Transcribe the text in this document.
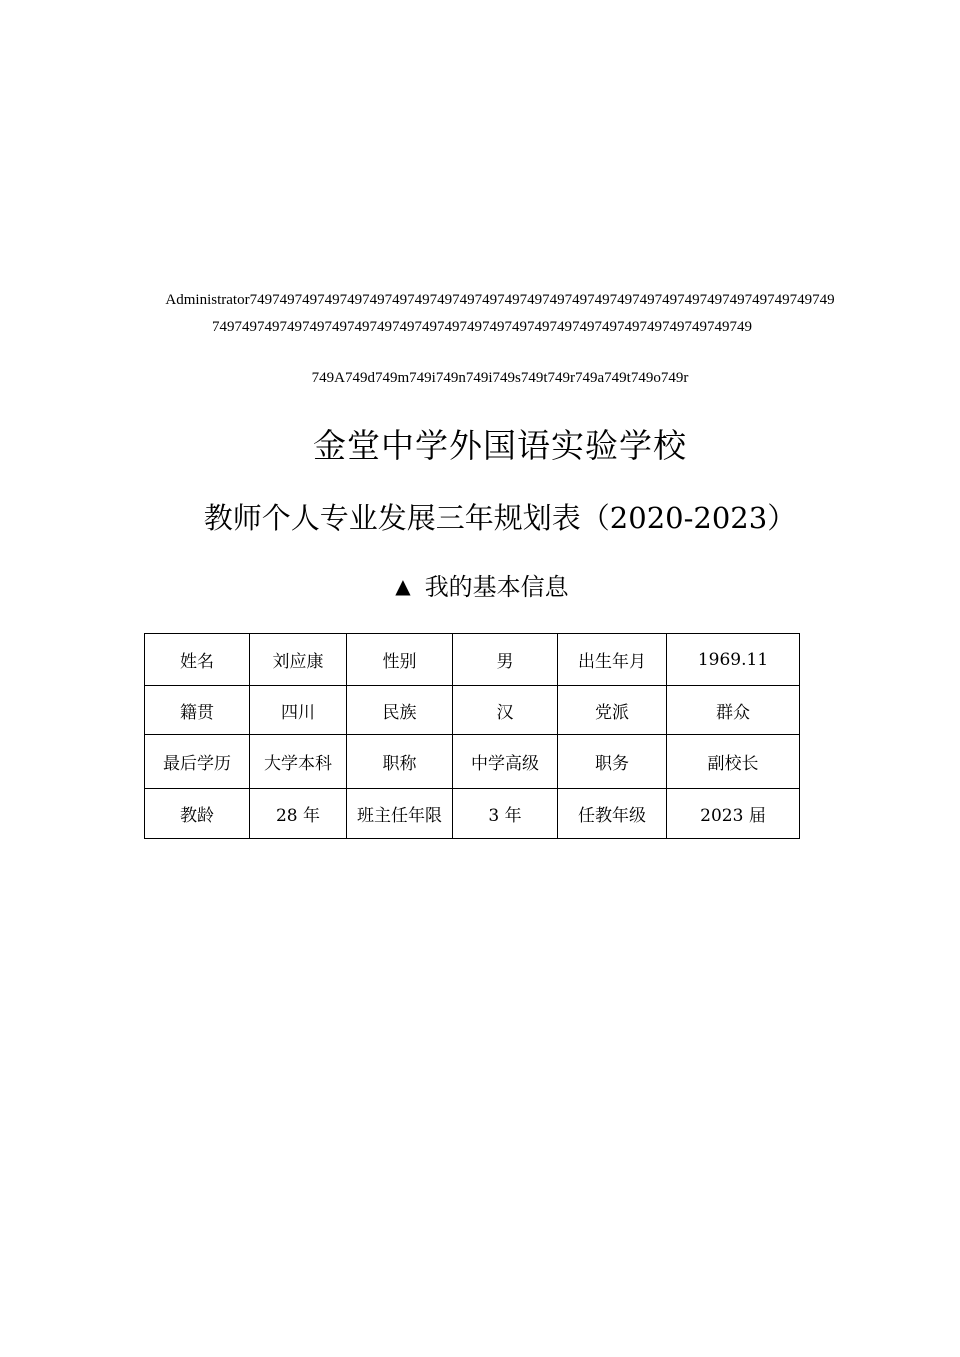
Administrator749749749749749749749749749749749749749749749749749749749749749749749749749749
749749749749749749749749749749749749749749749749749749749749749749749749
749A749d749m749i749n749i749s749t749r749a749t749o749r
金堂中学外国语实验学校
教师个人专业发展三年规划表（2020-2023）
▲ 我的基本信息
姓名	刘应康	性别	男	出生年月	1969.11
籍贯	四川	民族	汉	党派	群众
最后学历	大学本科	职称	中学高级	职务	副校长
教龄	28 年	班主任年限	3 年	任教年级	2023 届
